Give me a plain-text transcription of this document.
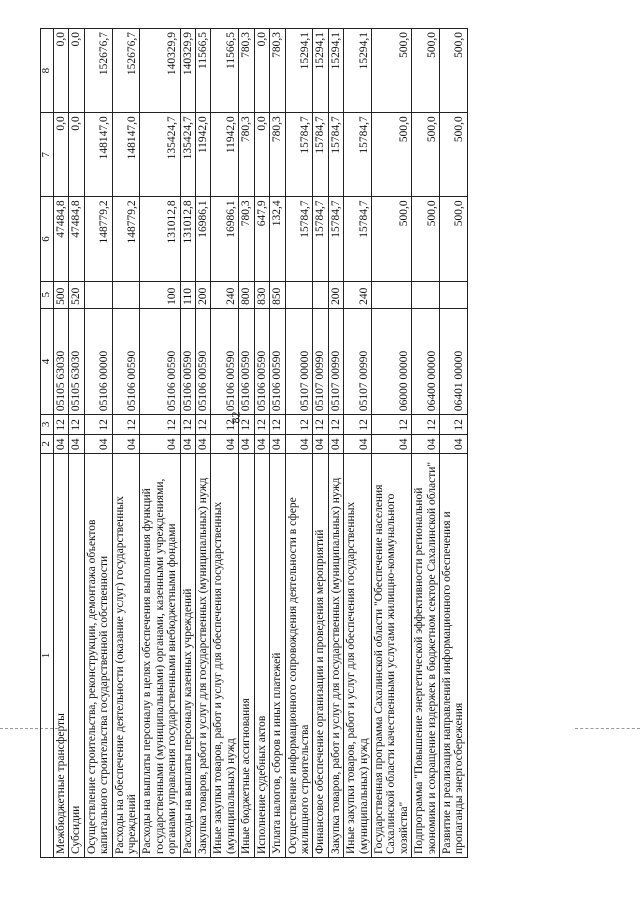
82
1	2	3	4	5	6	7	8
Межбюджетные трансферты	04	12	05105 63030	500	47484,8	0,0	0,0
Субсидии	04	12	05105 63030	520	47484,8	0,0	0,0
Осуществление строительства, реконструкции, демонтажа объектов капитального строительства государственной собственности	04	12	05106 00000		148779,2	148147,0	152676,7
Расходы на обеспечение деятельности (оказание услуг) государственных учреждений	04	12	05106 00590		148779,2	148147,0	152676,7
Расходы на выплаты персоналу в целях обеспечения выполнения функций государственными (муниципальными) органами, казенными учреждениями, органами управления государственными внебюджетными фондами	04	12	05106 00590	100	131012,8	135424,7	140329,9
Расходы на выплаты персоналу казенных учреждений	04	12	05106 00590	110	131012,8	135424,7	140329,9
Закупка товаров, работ и услуг для государственных (муниципальных) нужд	04	12	05106 00590	200	16986,1	11942,0	11566,5
Иные закупки товаров, работ и услуг для обеспечения государственных (муниципальных) нужд	04	12	05106 00590	240	16986,1	11942,0	11566,5
Иные бюджетные ассигнования	04	12	05106 00590	800	780,3	780,3	780,3
Исполнение судебных актов	04	12	05106 00590	830	647,9	0,0	0,0
Уплата налогов, сборов и иных платежей	04	12	05106 00590	850	132,4	780,3	780,3
Осуществление информационного сопровождения деятельности в сфере жилищного строительства	04	12	05107 00000		15784,7	15784,7	15294,1
Финансовое обеспечение организации и проведения мероприятий	04	12	05107 00990		15784,7	15784,7	15294,1
Закупка товаров, работ и услуг для государственных (муниципальных) нужд	04	12	05107 00990	200	15784,7	15784,7	15294,1
Иные закупки товаров, работ и услуг для обеспечения государственных (муниципальных) нужд	04	12	05107 00990	240	15784,7	15784,7	15294,1
Государственная программа Сахалинской области "Обеспечение населения Сахалинской области качественными услугами жилищно-коммунального хозяйства"	04	12	06000 00000		500,0	500,0	500,0
Подпрограмма "Повышение энергетической эффективности региональной экономики и сокращение издержек в бюджетном секторе Сахалинской области"	04	12	06400 00000		500,0	500,0	500,0
Развитие и реализация направлений информационного обеспечения и пропаганды энергосбережения	04	12	06401 00000		500,0	500,0	500,0
